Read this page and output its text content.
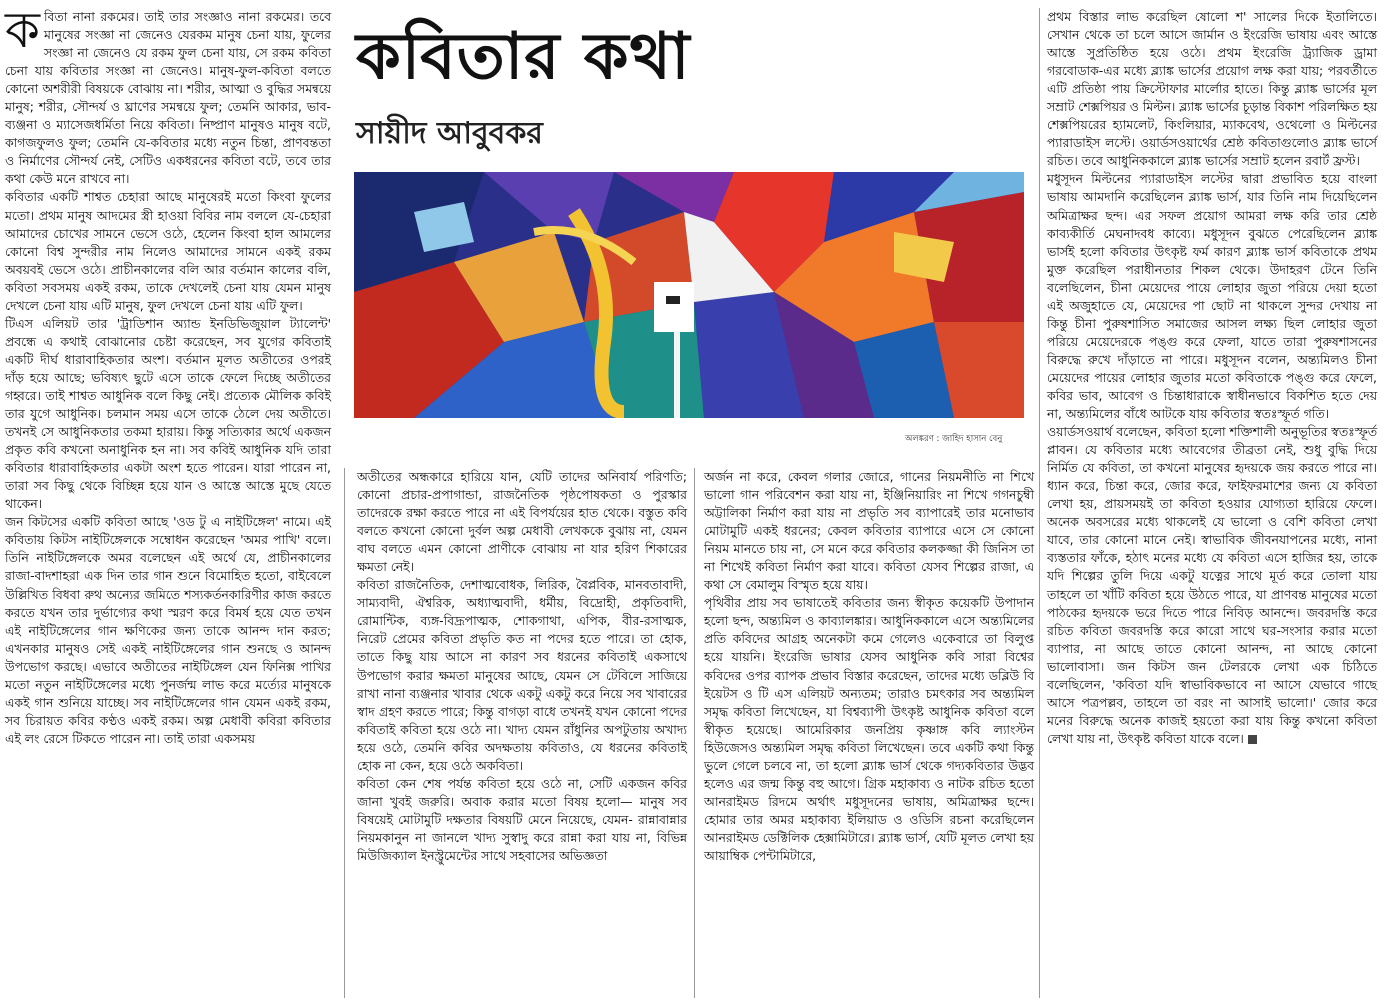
ক বিতা নানা রকমের। তাই তার সংজ্ঞাও নানা রকমের। তবে মানুষের সংজ্ঞা না জেনেও যেরকম মানুষ চেনা যায়, ফুলের সংজ্ঞা না জেনেও যে রকম ফুল চেনা যায়, সে রকম কবিতা চেনা যায় কবিতার সংজ্ঞা না জেনেও। মানুষ-ফুল-কবিতা বলতে কোনো অশরীরী বিষয়কে বোঝায় না। শরীর, আত্মা ও বুদ্ধির সমন্বয়ে মানুষ; শরীর, সৌন্দর্য ও ঘ্রাণের সমন্বয়ে ফুল; তেমনি আকার, ভাব-ব্যঞ্জনা ও ম্যাসেজধর্মিতা নিয়ে কবিতা। নিষ্প্রাণ মানুষও মানুষ বটে, কাগজফুলও ফুল; তেমনি যে-কবিতার মধ্যে নতুন চিন্তা, প্রাণবন্ততা ও নির্মাণের সৌন্দর্য নেই, সেটিও একধরনের কবিতা বটে, তবে তার কথা কেউ মনে রাখবে না।

কবিতার একটি শাশ্বত চেহারা আছে মানুষেরই মতো কিংবা ফুলের মতো। প্রথম মানুষ আদমের স্ত্রী হাওয়া বিবির নাম বললে যে-চেহারা আমাদের চোখের সামনে ভেসে ওঠে, হেলেন কিংবা হাল আমলের কোনো বিশ্ব সুন্দরীর নাম নিলেও আমাদের সামনে একই রকম অবয়বই ভেসে ওঠে। প্রাচীনকালের বলি আর বর্তমান কালের বলি, কবিতা সবসময় একই রকম, তাকে দেখলেই চেনা যায় যেমন মানুষ দেখলে চেনা যায় এটি মানুষ, ফুল দেখলে চেনা যায় এটি ফুল।

টিএস এলিয়ট তার 'ট্রাডিশান অ্যান্ড ইনডিভিজুয়াল ট্যালেন্ট' প্রবন্ধে এ কথাই বোঝানোর চেষ্টা করেছেন, সব যুগের কবিতাই একটি দীর্ঘ ধারাবাহিকতার অংশ। বর্তমান মূলত অতীতের ওপরই দাঁড় হয়ে আছে; ভবিষ্যৎ ছুটে এসে তাকে ফেলে দিচ্ছে অতীতের গহ্বরে। তাই শাশ্বত আধুনিক বলে কিছু নেই। প্রত্যেক মৌলিক কবিই তার যুগে আধুনিক। চলমান সময় এসে তাকে ঠেলে দেয় অতীতে। তখনই সে আধুনিকতার তকমা হারায়। কিন্তু সত্যিকার অর্থে একজন প্রকৃত কবি কখনো অনাধুনিক হন না। সব কবিই আধুনিক যদি তারা কবিতার ধারাবাহিকতার একটা অংশ হতে পারেন। যারা পারেন না, তারা সব কিছু থেকে বিচ্ছিন্ন হয়ে যান ও আস্তে আস্তে মুছে যেতে থাকেন।

জন কিটসের একটি কবিতা আছে 'ওড টু এ নাইটিঙ্গেল' নামে। এই কবিতায় কিটস নাইটিঙ্গেলকে সম্বোধন করেছেন 'অমর পাখি' বলে। তিনি নাইটিঙ্গেলকে অমর বলেছেন এই অর্থে যে, প্রাচীনকালের রাজা-বাদশাহরা এক দিন তার গান শুনে বিমোহিত হতো, বাইবেলে উল্লিখিত বিধবা রুথ অন্যের জমিতে শস্যকর্তনকারিণীর কাজ করতে করতে যখন তার দুর্ভাগ্যের কথা স্মরণ করে বিমর্ষ হয়ে যেত তখন এই নাইটিঙ্গেলের গান ক্ষণিকের জন্য তাকে আনন্দ দান করত; এখনকার মানুষও সেই একই নাইটিঙ্গেলের গান শুনছে ও আনন্দ উপভোগ করছে। এভাবে অতীতের নাইটিঙ্গেল যেন ফিনিক্স পাখির মতো নতুন নাইটিঙ্গেলের মধ্যে পুনর্জন্ম লাভ করে মর্ত্যের মানুষকে একই গান শুনিয়ে যাচ্ছে। সব নাইটিঙ্গেলের গান যেমন একই রকম, সব চিরায়ত কবির কণ্ঠও একই রকম। অল্প মেধাবী কবিরা কবিতার এই লং রেসে টিকতে পারেন না। তাই তারা একসময়

কবিতার কথা
সায়ীদ আবুবকর
অলঙ্করণ : জাহিদ হাসান বেনু

অতীতের অন্ধকারে হারিয়ে যান, যেটি তাদের অনিবার্য পরিণতি; কোনো প্রচার-প্রপাগান্ডা, রাজনৈতিক পৃষ্ঠপোষকতা ও পুরস্কার তাদেরকে রক্ষা করতে পারে না এই বিপর্যয়ের হাত থেকে। বস্তুত কবি বলতে কখনো কোনো দুর্বল অল্প মেধাবী লেখককে বুঝায় না, যেমন বাঘ বলতে এমন কোনো প্রাণীকে বোঝায় না যার হরিণ শিকারের ক্ষমতা নেই।

কবিতা রাজনৈতিক, দেশাত্মবোধক, লিরিক, বৈপ্লবিক, মানবতাবাদী, সাম্যবাদী, ঐশ্বরিক, অধ্যাত্মবাদী, ধর্মীয়, বিদ্রোহী, প্রকৃতিবাদী, রোমান্টিক, ব্যঙ্গ-বিদ্রূপাত্মক, শোকগাথা, এপিক, বীর-রসাত্মক, নিরেট প্রেমের কবিতা প্রভৃতি কত না পদের হতে পারে। তা হোক, তাতে কিছু যায় আসে না কারণ সব ধরনের কবিতাই একসাথে উপভোগ করার ক্ষমতা মানুষের আছে, যেমন সে টেবিলে সাজিয়ে রাখা নানা ব্যঞ্জনার খাবার থেকে একটু একটু করে নিয়ে সব খাবারের স্বাদ গ্রহণ করতে পারে; কিন্তু বাগড়া বাধে তখনই যখন কোনো পদের কবিতাই কবিতা হয়ে ওঠে না। খাদ্য যেমন রাঁধুনির অপটুতায় অখাদ্য হয়ে ওঠে, তেমনি কবির অদক্ষতায় কবিতাও, যে ধরনের কবিতাই হোক না কেন, হয়ে ওঠে অকবিতা।

কবিতা কেন শেষ পর্যন্ত কবিতা হয়ে ওঠে না, সেটি একজন কবির জানা খুবই জরুরি। অবাক করার মতো বিষয় হলো— মানুষ সব বিষয়েই মোটামুটি দক্ষতার বিষয়টি মেনে নিয়েছে, যেমন- রান্নাবান্নার নিয়মকানুন না জানলে খাদ্য সুস্বাদু করে রান্না করা যায় না, বিভিন্ন মিউজিক্যাল ইনস্ট্রুমেন্টের সাথে সহবাসের অভিজ্ঞতা

অর্জন না করে, কেবল গলার জোরে, গানের নিয়মনীতি না শিখে ভালো গান পরিবেশন করা যায় না, ইঞ্জিনিয়ারিং না শিখে গগনচুম্বী অট্টালিকা নির্মাণ করা যায় না প্রভৃতি সব ব্যাপারেই তার মনোভাব মোটামুটি একই ধরনের; কেবল কবিতার ব্যাপারে এসে সে কোনো নিয়ম মানতে চায় না, সে মনে করে কবিতার কলকজ্জা কী জিনিস তা না শিখেই কবিতা নির্মাণ করা যাবে। কবিতা যেসব শিল্পের রাজা, এ কথা সে বেমালুম বিস্মৃত হয়ে যায়।

পৃথিবীর প্রায় সব ভাষাতেই কবিতার জন্য স্বীকৃত কয়েকটি উপাদান হলো ছন্দ, অন্ত্যমিল ও কাব্যালঙ্কার। আধুনিককালে এসে অন্ত্যমিলের প্রতি কবিদের আগ্রহ অনেকটা কমে গেলেও একেবারে তা বিলুপ্ত হয়ে যায়নি। ইংরেজি ভাষার যেসব আধুনিক কবি সারা বিশ্বের কবিদের ওপর ব্যাপক প্রভাব বিস্তার করেছেন, তাদের মধ্যে ডব্লিউ বি ইয়েটস ও টি এস এলিয়ট অন্যতম; তারাও চমৎকার সব অন্ত্যমিল সমৃদ্ধ কবিতা লিখেছেন, যা বিশ্বব্যাপী উৎকৃষ্ট আধুনিক কবিতা বলে স্বীকৃত হয়েছে। আমেরিকার জনপ্রিয় কৃষ্ণাঙ্গ কবি ল্যাংস্টন হিউজেসও অন্ত্যমিল সমৃদ্ধ কবিতা লিখেছেন। তবে একটি কথা কিন্তু ভুলে গেলে চলবে না, তা হলো ব্ল্যাঙ্ক ভার্স থেকে গদ্যকবিতার উদ্ভব হলেও এর জন্ম কিন্তু বহু আগে। গ্রিক মহাকাব্য ও নাটক রচিত হতো আনরাইমড রিদমে অর্থাৎ মধুসূদনের ভাষায়, অমিত্রাক্ষর ছন্দে। হোমার তার অমর মহাকাব্য ইলিয়াড ও ওডিসি রচনা করেছিলেন আনরাইমড ডেক্টিলিক হেক্সামিটারে। ব্ল্যাঙ্ক ভার্স, যেটি মূলত লেখা হয় আয়াম্বিক পেন্টামিটারে,

প্রথম বিস্তার লাভ করেছিল ষোলো শ' সালের দিকে ইতালিতে। সেখান থেকে তা চলে আসে জার্মান ও ইংরেজি ভাষায় এবং আস্তে আস্তে সুপ্রতিষ্ঠিত হয়ে ওঠে। প্রথম ইংরেজি ট্র্যাজিক ড্রামা গরবোডাক-এর মধ্যে ব্ল্যাঙ্ক ভার্সের প্রয়োগ লক্ষ করা যায়; পরবর্তীতে এটি প্রতিষ্ঠা পায় ক্রিস্টোফার মার্লোর হাতে। কিন্তু ব্ল্যাঙ্ক ভার্সের মূল সম্রাট শেক্সপিয়র ও মিল্টন। ব্ল্যাঙ্ক ভার্সের চূড়ান্ত বিকাশ পরিলক্ষিত হয় শেক্সপিয়রের হ্যামলেট, কিংলিয়ার, ম্যাকবেথ, ওথেলো ও মিল্টনের প্যারাডাইস লস্টে। ওয়ার্ডসওয়ার্থের শ্রেষ্ঠ কবিতাগুলোও ব্ল্যাঙ্ক ভার্সে রচিত। তবে আধুনিককালে ব্ল্যাঙ্ক ভার্সের সম্রাট হলেন রবার্ট ফ্রস্ট।

মধুসূদন মিল্টনের প্যারাডাইস লস্টের দ্বারা প্রভাবিত হয়ে বাংলা ভাষায় আমদানি করেছিলেন ব্ল্যাঙ্ক ভার্স, যার তিনি নাম দিয়েছিলেন অমিত্রাক্ষর ছন্দ। এর সফল প্রয়োগ আমরা লক্ষ করি তার শ্রেষ্ঠ কাব্যকীর্তি মেঘনাদবধ কাব্যে। মধুসূদন বুঝতে পেরেছিলেন ব্ল্যাঙ্ক ভার্সই হলো কবিতার উৎকৃষ্ট ফর্ম কারণ ব্ল্যাঙ্ক ভার্স কবিতাকে প্রথম মুক্ত করেছিল পরাধীনতার শিকল থেকে। উদাহরণ টেনে তিনি বলেছিলেন, চীনা মেয়েদের পায়ে লোহার জুতা পরিয়ে দেয়া হতো এই অজুহাতে যে, মেয়েদের পা ছোট না থাকলে সুন্দর দেখায় না কিন্তু চীনা পুরুষশাসিত সমাজের আসল লক্ষ্য ছিল লোহার জুতা পরিয়ে মেয়েদেরকে পঙ্গু করে ফেলা, যাতে তারা পুরুষশাসনের বিরুদ্ধে রুখে দাঁড়াতে না পারে। মধুসূদন বলেন, অন্ত্যমিলও চীনা মেয়েদের পায়ের লোহার জুতার মতো কবিতাকে পঙ্গু করে ফেলে, কবির ভাব, আবেগ ও চিন্তাধারাকে স্বাধীনভাবে বিকশিত হতে দেয় না, অন্ত্যমিলের বাঁধে আটকে যায় কবিতার স্বতঃস্ফূর্ত গতি।

ওয়ার্ডসওয়ার্থ বলেছেন, কবিতা হলো শক্তিশালী অনুভূতির স্বতঃস্ফূর্ত প্লাবন। যে কবিতার মধ্যে আবেগের তীব্রতা নেই, শুধু বুদ্ধি দিয়ে নির্মিত যে কবিতা, তা কখনো মানুষের হৃদয়কে জয় করতে পারে না। ধ্যান করে, চিন্তা করে, জোর করে, ফাইফরমাশের জন্য যে কবিতা লেখা হয়, প্রায়সময়ই তা কবিতা হওয়ার যোগ্যতা হারিয়ে ফেলে। অনেক অবসরের মধ্যে থাকলেই যে ভালো ও বেশি কবিতা লেখা যাবে, তার কোনো মানে নেই। স্বাভাবিক জীবনযাপনের মধ্যে, নানা ব্যস্ততার ফাঁকে, হঠাৎ মনের মধ্যে যে কবিতা এসে হাজির হয়, তাকে যদি শিল্পের তুলি দিয়ে একটু যত্নের সাথে মূর্ত করে তোলা যায় তাহলে তা খাঁটি কবিতা হয়ে উঠতে পারে, যা প্রাণবন্ত মানুষের মতো পাঠকের হৃদয়কে ভরে দিতে পারে নিবিড় আনন্দে। জবরদস্তি করে রচিত কবিতা জবরদস্তি করে কারো সাথে ঘর-সংসার করার মতো ব্যাপার, না আছে তাতে কোনো আনন্দ, না আছে কোনো ভালোবাসা। জন কিটস জন টেলরকে লেখা এক চিঠিতে বলেছিলেন, 'কবিতা যদি স্বাভাবিকভাবে না আসে যেভাবে গাছে আসে পত্রপল্লব, তাহলে তা বরং না আসাই ভালো।' জোর করে মনের বিরুদ্ধে অনেক কাজই হয়তো করা যায় কিন্তু কখনো কবিতা লেখা যায় না, উৎকৃষ্ট কবিতা যাকে বলে।
